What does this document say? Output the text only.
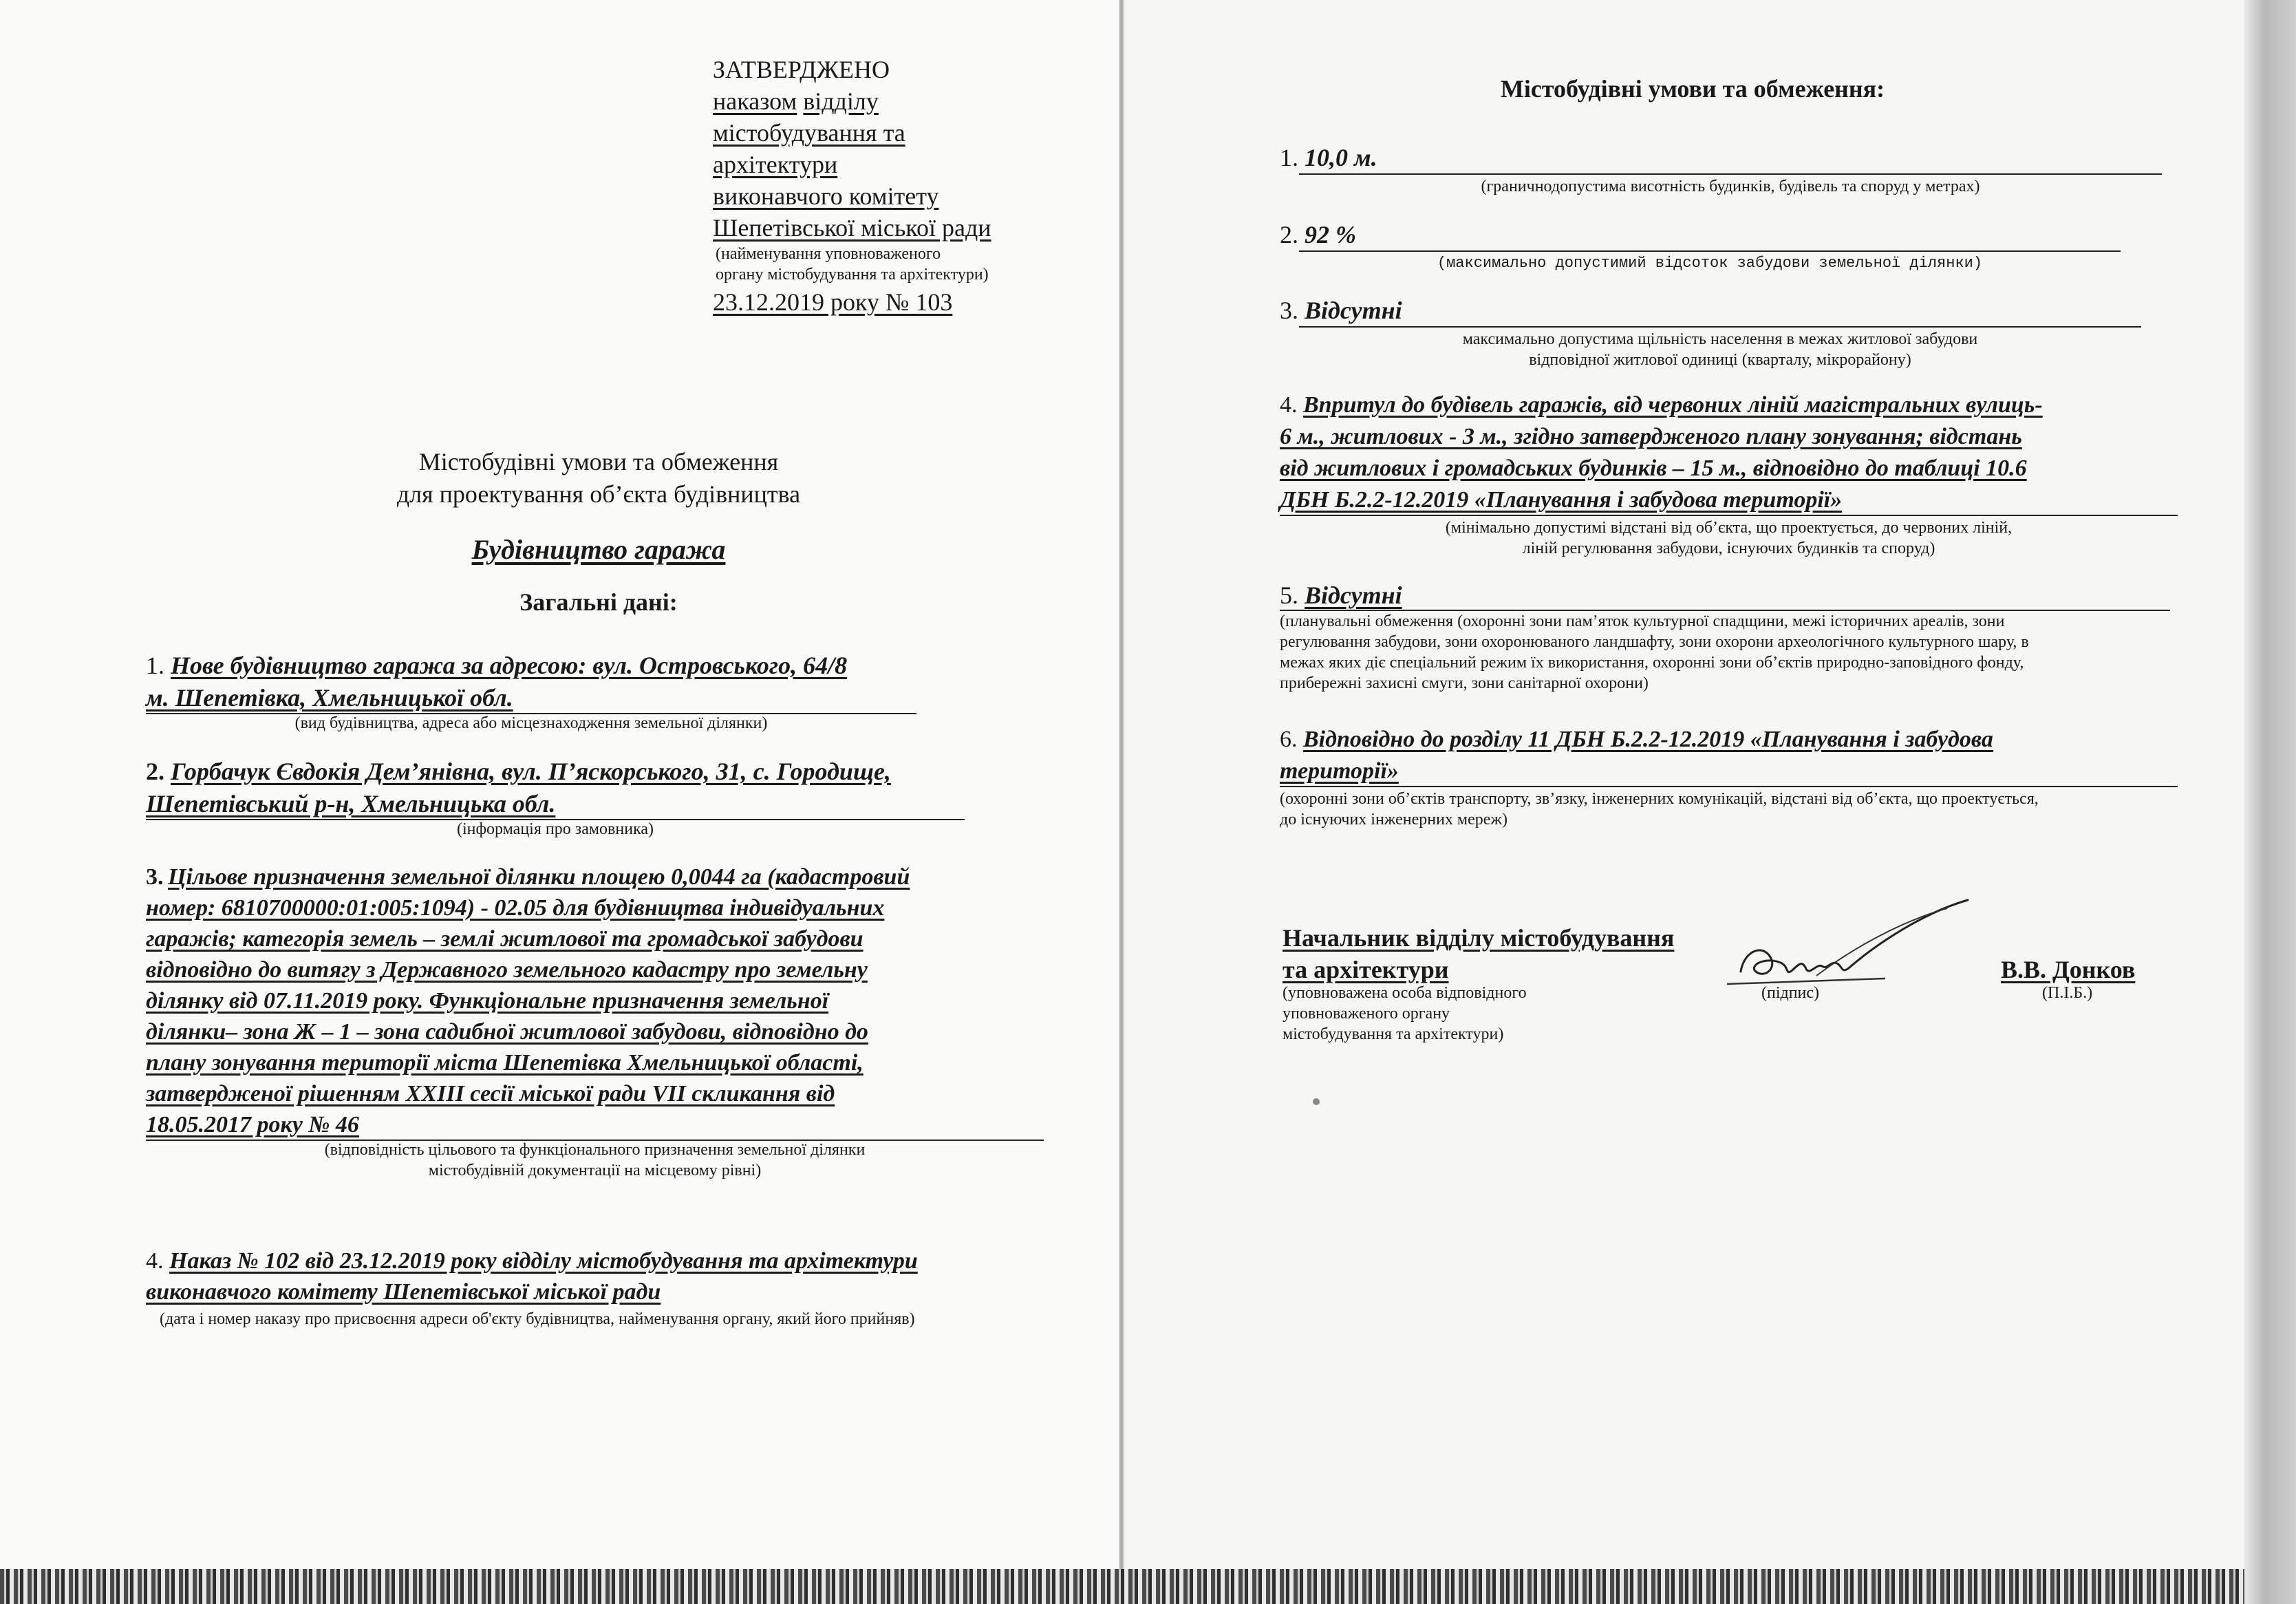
ЗАТВЕРДЖЕНО
наказом відділу
містобудування та
архітектури
виконавчого комітету
Шепетівської міської ради
(найменування уповноваженого
органу містобудування та архітектури)
23.12.2019 року № 103
Містобудівні умови та обмеження
для проектування об’єкта будівництва
Будівництво гаража
Загальні дані:
1. Нове будівництво гаража за адресою: вул. Островського, 64/8
м. Шепетівка, Хмельницької обл.
(вид будівництва, адреса або місцезнаходження земельної ділянки)
2. Горбачук Євдокія Дем’янівна, вул. П’яскорського, 31, с. Городище,
Шепетівський р-н, Хмельницька обл.
(інформація про замовника)
3. Цільове призначення земельної ділянки площею 0,0044 га (кадастровий
номер: 6810700000:01:005:1094) - 02.05 для будівництва індивідуальних
гаражів; категорія земель – землі житлової та громадської забудови
відповідно до витягу з Державного земельного кадастру про земельну
ділянку від 07.11.2019 року. Функціональне призначення земельної
ділянки– зона Ж – 1 – зона садибної житлової забудови, відповідно до
плану зонування території міста Шепетівка Хмельницької області,
затвердженої рішенням ХХIII сесії міської ради VII скликання від
18.05.2017 року № 46
(відповідність цільового та функціонального призначення земельної ділянки
містобудівній документації на місцевому рівні)
4. Наказ № 102 від 23.12.2019 року відділу містобудування та архітектури
виконавчого комітету Шепетівської міської ради
(дата і номер наказу про присвоєння адреси об'єкту будівництва, найменування органу, який його прийняв)
Містобудівні умови та обмеження:
1. 10,0 м.
(граничнодопустима висотність будинків, будівель та споруд у метрах)
2. 92 %
(максимально допустимий відсоток забудови земельної ділянки)
3. Відсутні
максимально допустима щільність населення в межах житлової забудови
відповідної житлової одиниці (кварталу, мікрорайону)
4. Впритул до будівель гаражів, від червоних ліній магістральних вулиць-
6 м., житлових - 3 м., згідно затвердженого плану зонування; відстань
від житлових і громадських будинків – 15 м., відповідно до таблиці 10.6
ДБН Б.2.2-12.2019 «Планування і забудова території»
(мінімально допустимі відстані від об’єкта, що проектується, до червоних ліній,
ліній регулювання забудови, існуючих будинків та споруд)
5. Відсутні
(планувальні обмеження (охоронні зони пам’яток культурної спадщини, межі історичних ареалів, зони
регулювання забудови, зони охоронюваного ландшафту, зони охорони археологічного культурного шару, в
межах яких діє спеціальний режим їх використання, охоронні зони об’єктів природно-заповідного фонду,
прибережні захисні смуги, зони санітарної охорони)
6. Відповідно до розділу 11 ДБН Б.2.2-12.2019 «Планування і забудова
території»
(охоронні зони об’єктів транспорту, зв’язку, інженерних комунікацій, відстані від об’єкта, що проектується,
до існуючих інженерних мереж)
Начальник відділу містобудування
та архітектури
(уповноважена особа відповідного
уповноваженого органу
містобудування та архітектури)
(підпис)
В.В. Донков
(П.І.Б.)
